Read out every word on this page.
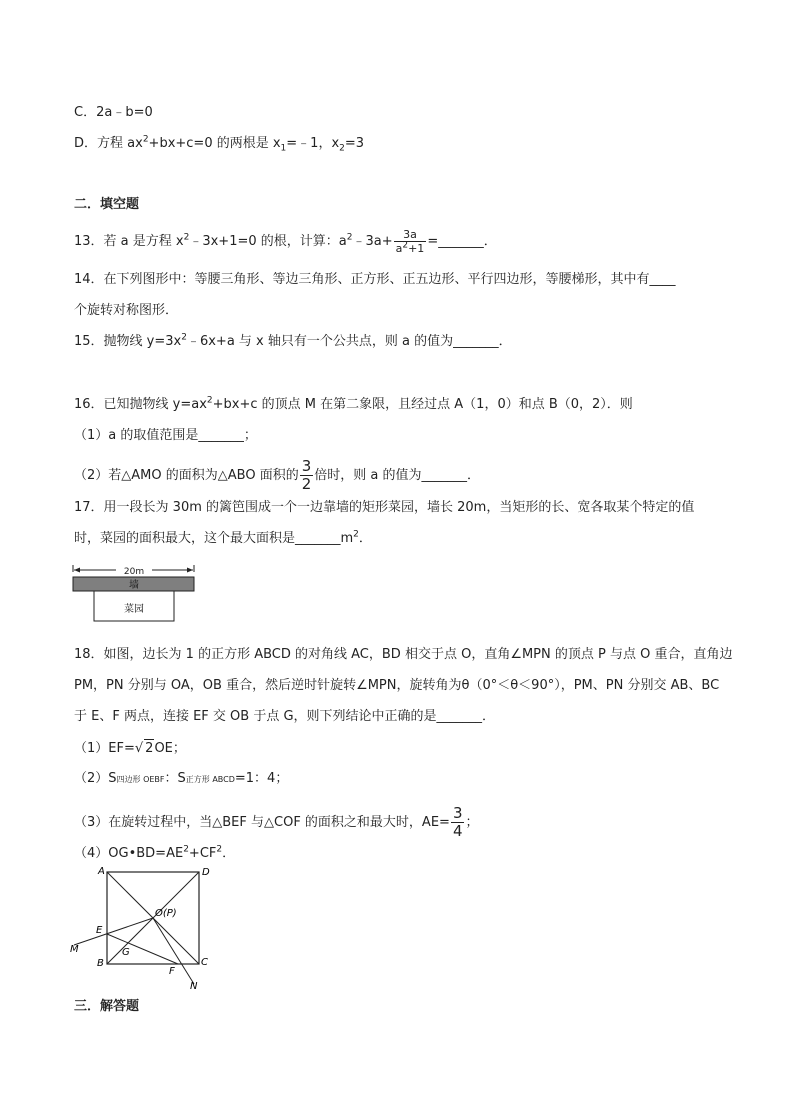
C．2a﹣b=0
D．方程 $ax^2+bx+c=0$ 的两根是 $x_1=﹣1$，$x_2=3$
二．填空题
13．若 a 是方程 $x^2﹣3x+1=0$ 的根，计算：$a^2﹣3a+ \frac{3a}{a^2+1}$ =_______．
14．在下列图形中：等腰三角形、等边三角形、正方形、正五边形、平行四边形，等腰梯形，其中有____
个旋转对称图形．
15．抛物线 $y=3x^2﹣6x+a$ 与 x 轴只有一个公共点，则 a 的值为_______．
16．已知抛物线 $y=ax^2+bx+c$ 的顶点 M 在第二象限，且经过点 A（1，0）和点 B（0，2）．则
（1）a 的取值范围是_______；
（2）若△AMO 的面积为△ABO 面积的 $\frac{3}{2}$ 倍时，则 a 的值为_______．
17．用一段长为 30m 的篱笆围成一个一边靠墙的矩形菜园，墙长 20m，当矩形的长、宽各取某个特定的值
时，菜园的面积最大，这个最大面积是$\_\_\_\_\_\_\_m^2$．
20m
墙
菜园
18．如图，边长为 1 的正方形 ABCD 的对角线 AC，BD 相交于点 O，直角∠MPN 的顶点 P 与点 O 重合，直角边
PM，PN 分别与 OA，OB 重合，然后逆时针旋转∠MPN，旋转角为θ（0°＜θ＜90°），PM、PN 分别交 AB、BC
于 E、F 两点，连接 EF 交 OB 于点 G，则下列结论中正确的是_______．
（1）EF=√ 2OE；
（2）S四边形 OEBF：S正方形 ABCD=1：4；
（3）在旋转过程中，当△BEF 与△COF 的面积之和最大时，$AE= \frac{3}{4}$ ；
$(4)OG•BD=AE^2+CF^2$．
A	D
B	C
E
F
G
M
N
O(P)
三．解答题
